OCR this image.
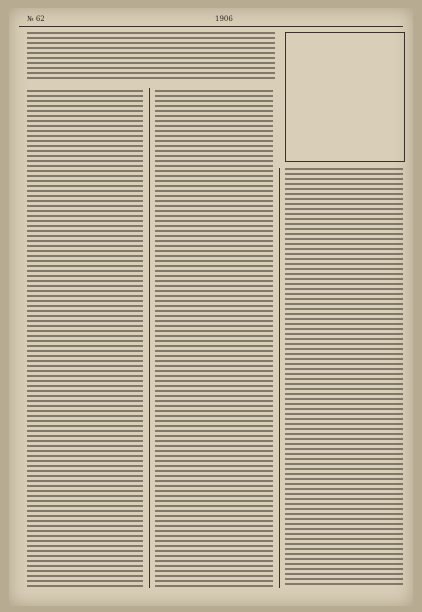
№ 62	1906
